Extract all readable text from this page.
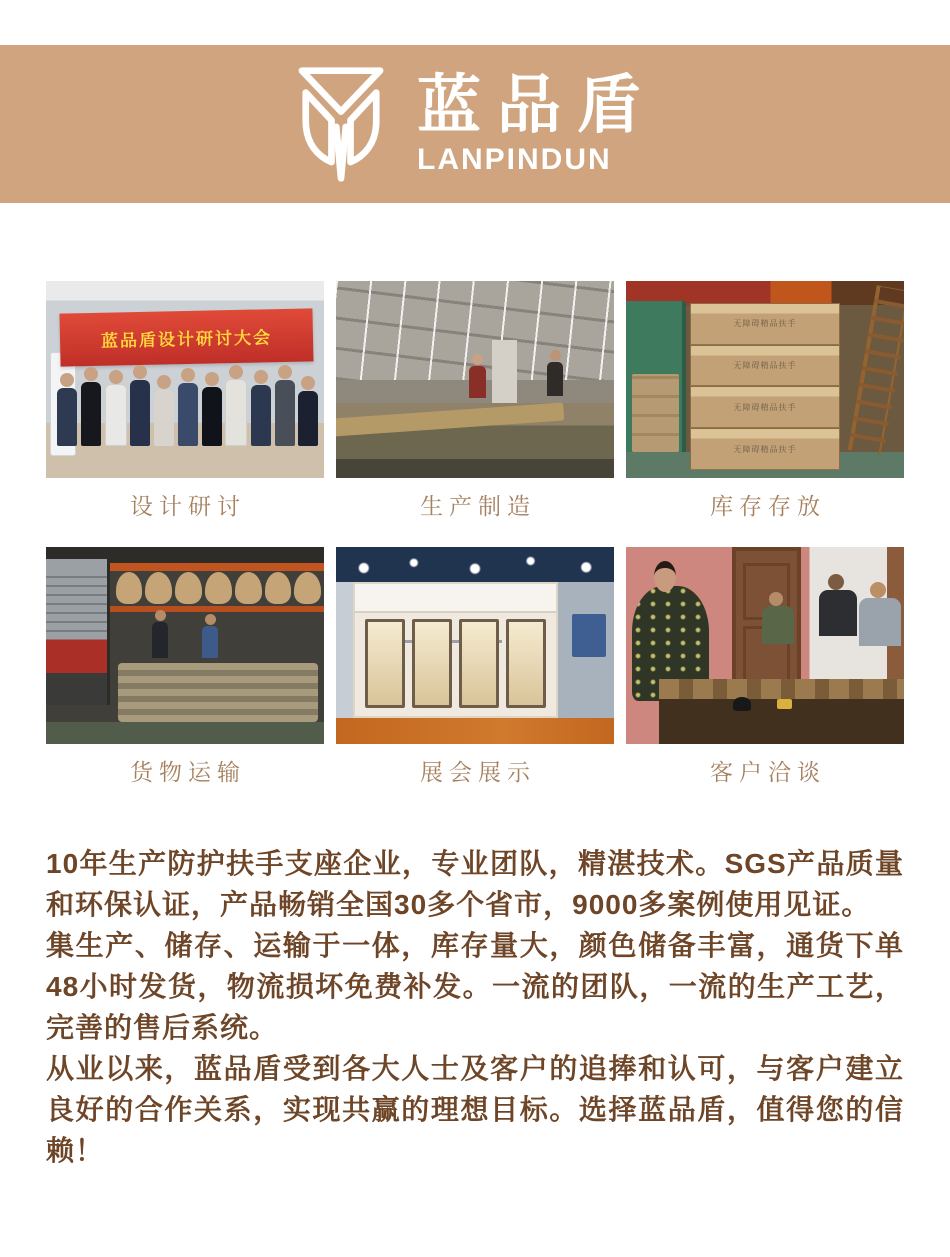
蓝品盾
LANPINDUN
蓝品盾设计研讨大会
设计研讨	生产制造
无障碍精品扶手
无障碍精品扶手
无障碍精品扶手
无障碍精品扶手
库存存放
货物运输	展会展示	客户洽谈

10年生产防护扶手支座企业，专业团队，精湛技术。SGS产品质量和环保认证，产品畅销全国30多个省市，9000多案例使用见证。

集生产、储存、运输于一体，库存量大，颜色储备丰富，通货下单48小时发货，物流损坏免费补发。一流的团队，一流的生产工艺，完善的售后系统。

从业以来，蓝品盾受到各大人士及客户的追捧和认可，与客户建立良好的合作关系，实现共赢的理想目标。选择蓝品盾，值得您的信赖！
